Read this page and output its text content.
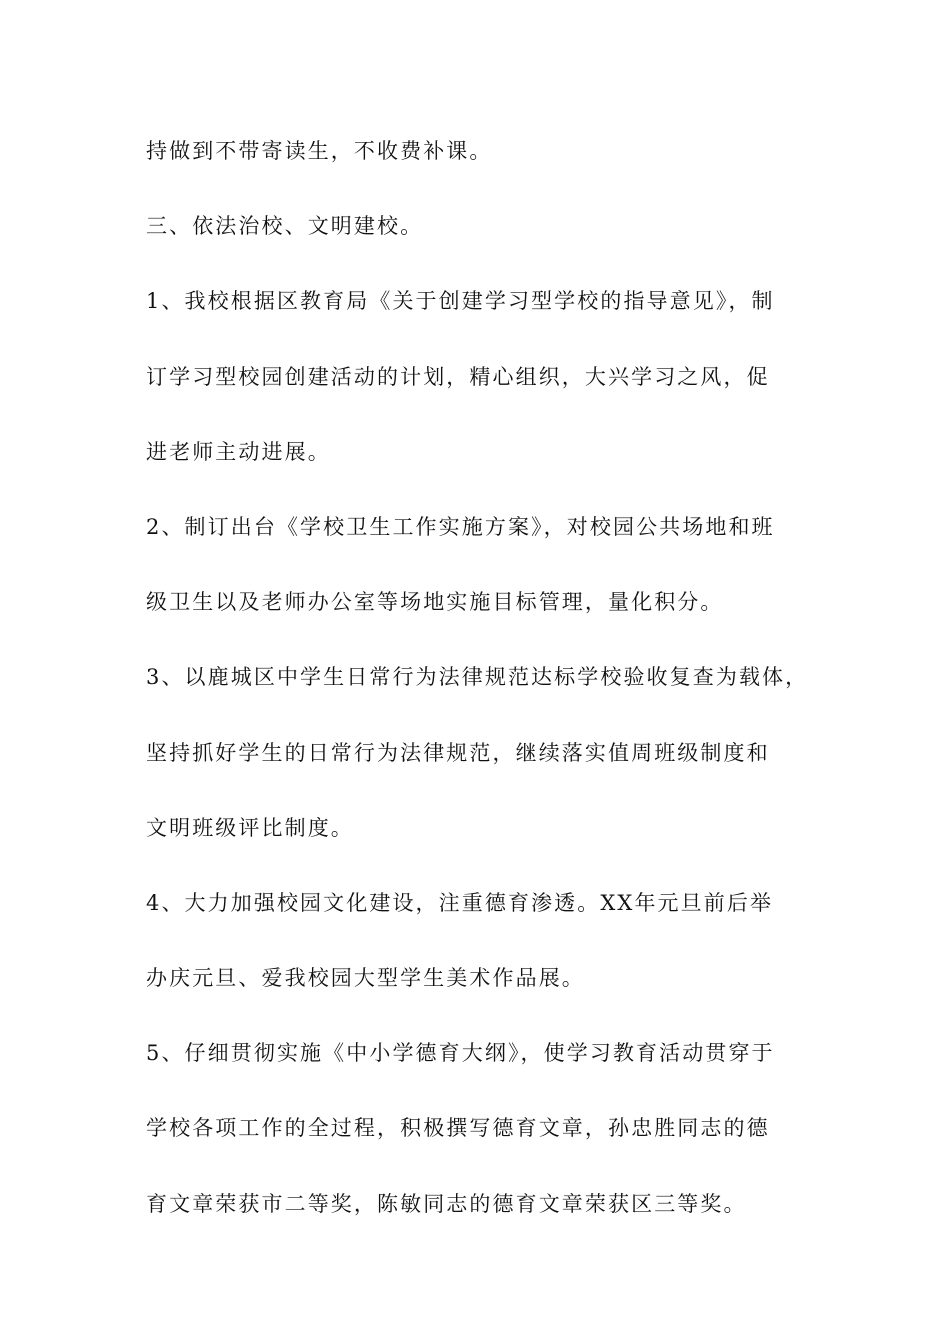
持做到不带寄读生，不收费补课。
三、依法治校、文明建校。
1、我校根据区教育局《关于创建学习型学校的指导意见》，制
订学习型校园创建活动的计划，精心组织，大兴学习之风，促
进老师主动进展。
2、制订出台《学校卫生工作实施方案》，对校园公共场地和班
级卫生以及老师办公室等场地实施目标管理，量化积分。
3、以鹿城区中学生日常行为法律规范达标学校验收复查为载体，
坚持抓好学生的日常行为法律规范，继续落实值周班级制度和
文明班级评比制度。
4、大力加强校园文化建设，注重德育渗透。XX年元旦前后举
办庆元旦、爱我校园大型学生美术作品展。
5、仔细贯彻实施《中小学德育大纲》，使学习教育活动贯穿于
学校各项工作的全过程，积极撰写德育文章，孙忠胜同志的德
育文章荣获市二等奖，陈敏同志的德育文章荣获区三等奖。
